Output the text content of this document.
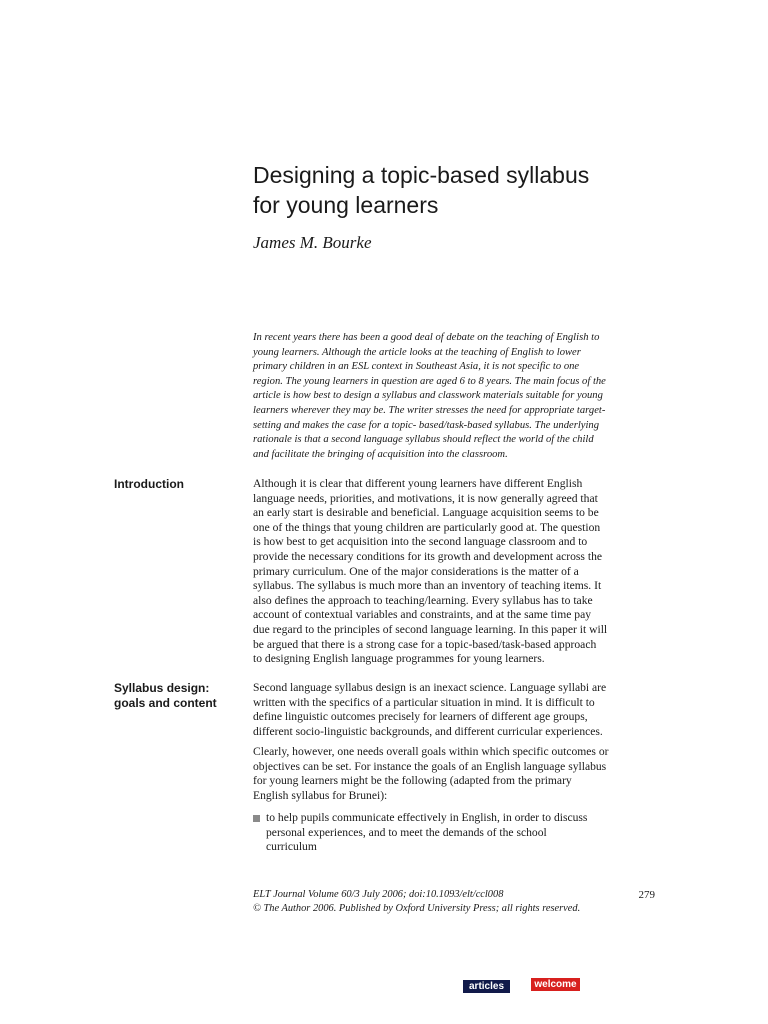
Designing a topic-based syllabus
for young learners
James M. Bourke
In recent years there has been a good deal of debate on the teaching of English to
young learners. Although the article looks at the teaching of English to lower
primary children in an ESL context in Southeast Asia, it is not specific to one
region. The young learners in question are aged 6 to 8 years. The main focus of the
article is how best to design a syllabus and classwork materials suitable for young
learners wherever they may be. The writer stresses the need for appropriate target-
setting and makes the case for a topic- based/task-based syllabus. The underlying
rationale is that a second language syllabus should reflect the world of the child
and facilitate the bringing of acquisition into the classroom.
Introduction	Although it is clear that different young learners have different English
language needs, priorities, and motivations, it is now generally agreed that
an early start is desirable and beneficial. Language acquisition seems to be
one of the things that young children are particularly good at. The question
is how best to get acquisition into the second language classroom and to
provide the necessary conditions for its growth and development across the
primary curriculum. One of the major considerations is the matter of a
syllabus. The syllabus is much more than an inventory of teaching items. It
also defines the approach to teaching/learning. Every syllabus has to take
account of contextual variables and constraints, and at the same time pay
due regard to the principles of second language learning. In this paper it will
be argued that there is a strong case for a topic-based/task-based approach
to designing English language programmes for young learners.
Syllabus design:
goals and content
Second language syllabus design is an inexact science. Language syllabi are
written with the specifics of a particular situation in mind. It is difficult to
define linguistic outcomes precisely for learners of different age groups,
different socio-linguistic backgrounds, and different curricular experiences.
Clearly, however, one needs overall goals within which specific outcomes or
objectives can be set. For instance the goals of an English language syllabus
for young learners might be the following (adapted from the primary
English syllabus for Brunei):
to help pupils communicate effectively in English, in order to discuss
personal experiences, and to meet the demands of the school
curriculum
ELT Journal Volume 60/3 July 2006; doi:10.1093/elt/ccl008
© The Author 2006. Published by Oxford University Press; all rights reserved.
279
articles	welcome
